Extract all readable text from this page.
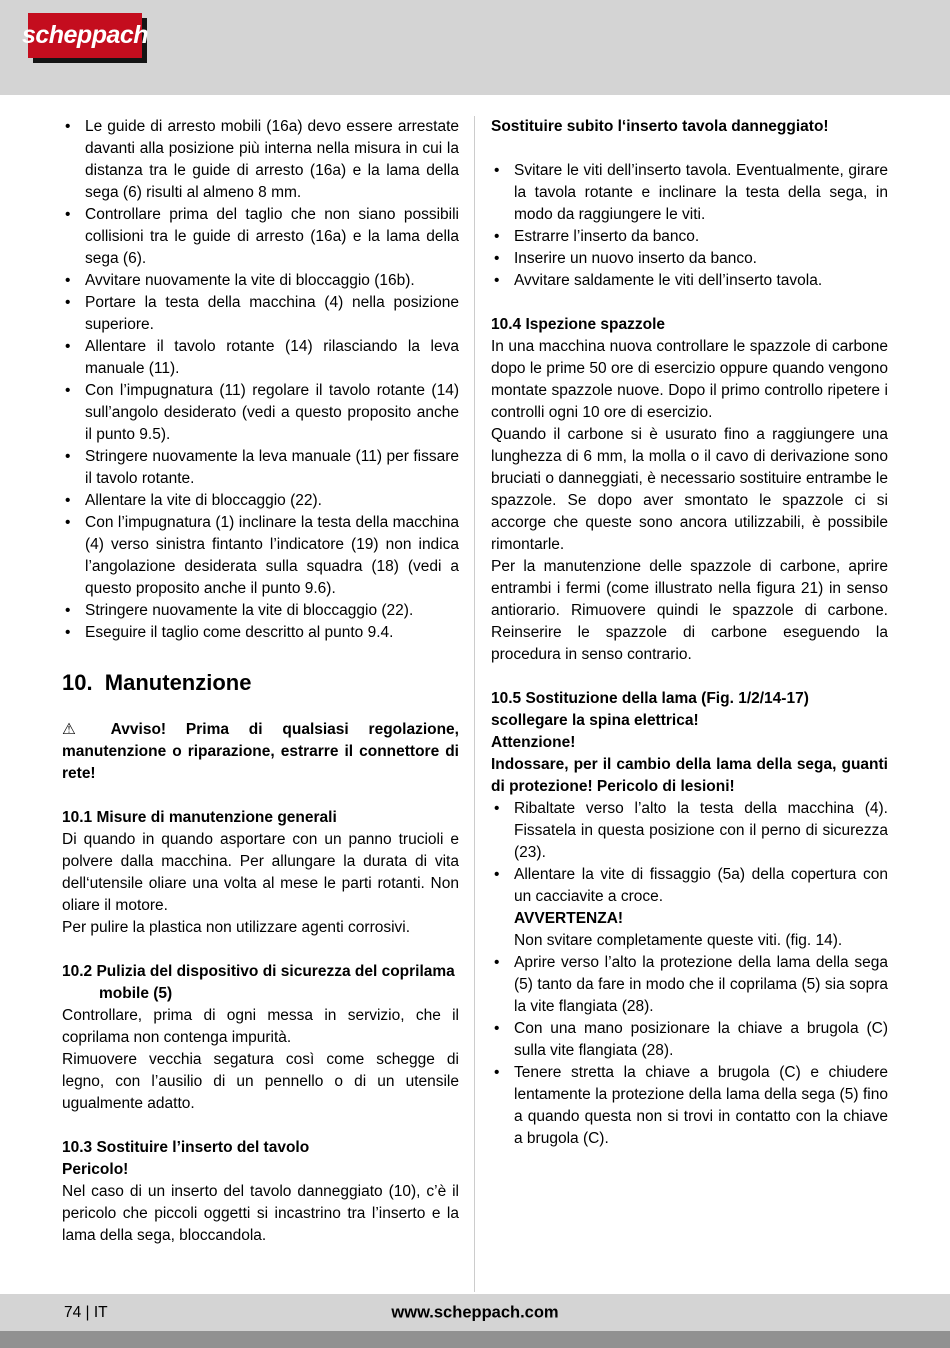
scheppach
• Le guide di arresto mobili (16a) devo essere arrestate davanti alla posizione più interna nella misura in cui la distanza tra le guide di arresto (16a) e la lama della sega (6) risulti al almeno 8 mm.
• Controllare prima del taglio che non siano possibili collisioni tra le guide di arresto (16a) e la lama della sega (6).
• Avvitare nuovamente la vite di bloccaggio (16b).
• Portare la testa della macchina (4) nella posizione superiore.
• Allentare il tavolo rotante (14) rilasciando la leva manuale (11).
• Con l’impugnatura (11) regolare il tavolo rotante (14) sull’angolo desiderato (vedi a questo proposito anche il punto 9.5).
• Stringere nuovamente la leva manuale (11) per fissare il tavolo rotante.
• Allentare la vite di bloccaggio (22).
• Con l’impugnatura (1) inclinare la testa della macchina (4) verso sinistra fintanto l’indicatore (19) non indica l’angolazione desiderata sulla squadra (18) (vedi a questo proposito anche il punto 9.6).
• Stringere nuovamente la vite di bloccaggio (22).
• Eseguire il taglio come descritto al punto 9.4.
10.  Manutenzione
⚠ Avviso! Prima di qualsiasi regolazione, manutenzione o riparazione, estrarre il connettore di rete!
10.1 Misure di manutenzione generali
Di quando in quando asportare con un panno trucioli e polvere dalla macchina. Per allungare la durata di vita dell‘utensile oliare una volta al mese le parti rotanti. Non oliare il motore.
Per pulire la plastica non utilizzare agenti corrosivi.
10.2 Pulizia del dispositivo di sicurezza del coprilama mobile (5)
Controllare, prima di ogni messa in servizio, che il coprilama non contenga impurità.
Rimuovere vecchia segatura così come schegge di legno, con l’ausilio di un pennello o di un utensile ugualmente adatto.
10.3 Sostituire l’inserto del tavolo
Pericolo!
Nel caso di un inserto del tavolo danneggiato (10), c’è il pericolo che piccoli oggetti si incastrino tra l’inserto e la lama della sega, bloccandola.
Sostituire subito l‘inserto tavola danneggiato!
• Svitare le viti dell’inserto tavola. Eventualmente, girare la tavola rotante e inclinare la testa della sega, in modo da raggiungere le viti.
• Estrarre l’inserto da banco.
• Inserire un nuovo inserto da banco.
• Avvitare saldamente le viti dell’inserto tavola.
10.4 Ispezione spazzole
In una macchina nuova controllare le spazzole di carbone dopo le prime 50 ore di esercizio oppure quando vengono montate spazzole nuove. Dopo il primo controllo ripetere i controlli ogni 10 ore di esercizio.
Quando il carbone si è usurato fino a raggiungere una lunghezza di 6 mm, la molla o il cavo di derivazione sono bruciati o danneggiati, è necessario sostituire entrambe le spazzole. Se dopo aver smontato le spazzole ci si accorge che queste sono ancora utilizzabili, è possibile rimontarle.
Per la manutenzione delle spazzole di carbone, aprire entrambi i fermi (come illustrato nella figura 21) in senso antiorario. Rimuovere quindi le spazzole di carbone. Reinserire le spazzole di carbone eseguendo la procedura in senso contrario.
10.5 Sostituzione della lama (Fig. 1/2/14-17)
scollegare la spina elettrica!
Attenzione!
Indossare, per il cambio della lama della sega, guanti di protezione! Pericolo di lesioni!
• Ribaltate verso l’alto la testa della macchina (4). Fissatela in questa posizione con il perno di sicurezza (23).
• Allentare la vite di fissaggio (5a) della copertura con un cacciavite a croce.
AVVERTENZA!
Non svitare completamente queste viti. (fig. 14).
• Aprire verso l’alto la protezione della lama della sega (5) tanto da fare in modo che il coprilama (5) sia sopra la vite flangiata (28).
• Con una mano posizionare la chiave a brugola (C) sulla vite flangiata (28).
• Tenere stretta la chiave a brugola (C) e chiudere lentamente la protezione della lama della sega (5) fino a quando questa non si trovi in contatto con la chiave a brugola (C).
74 | IT	www.scheppach.com
